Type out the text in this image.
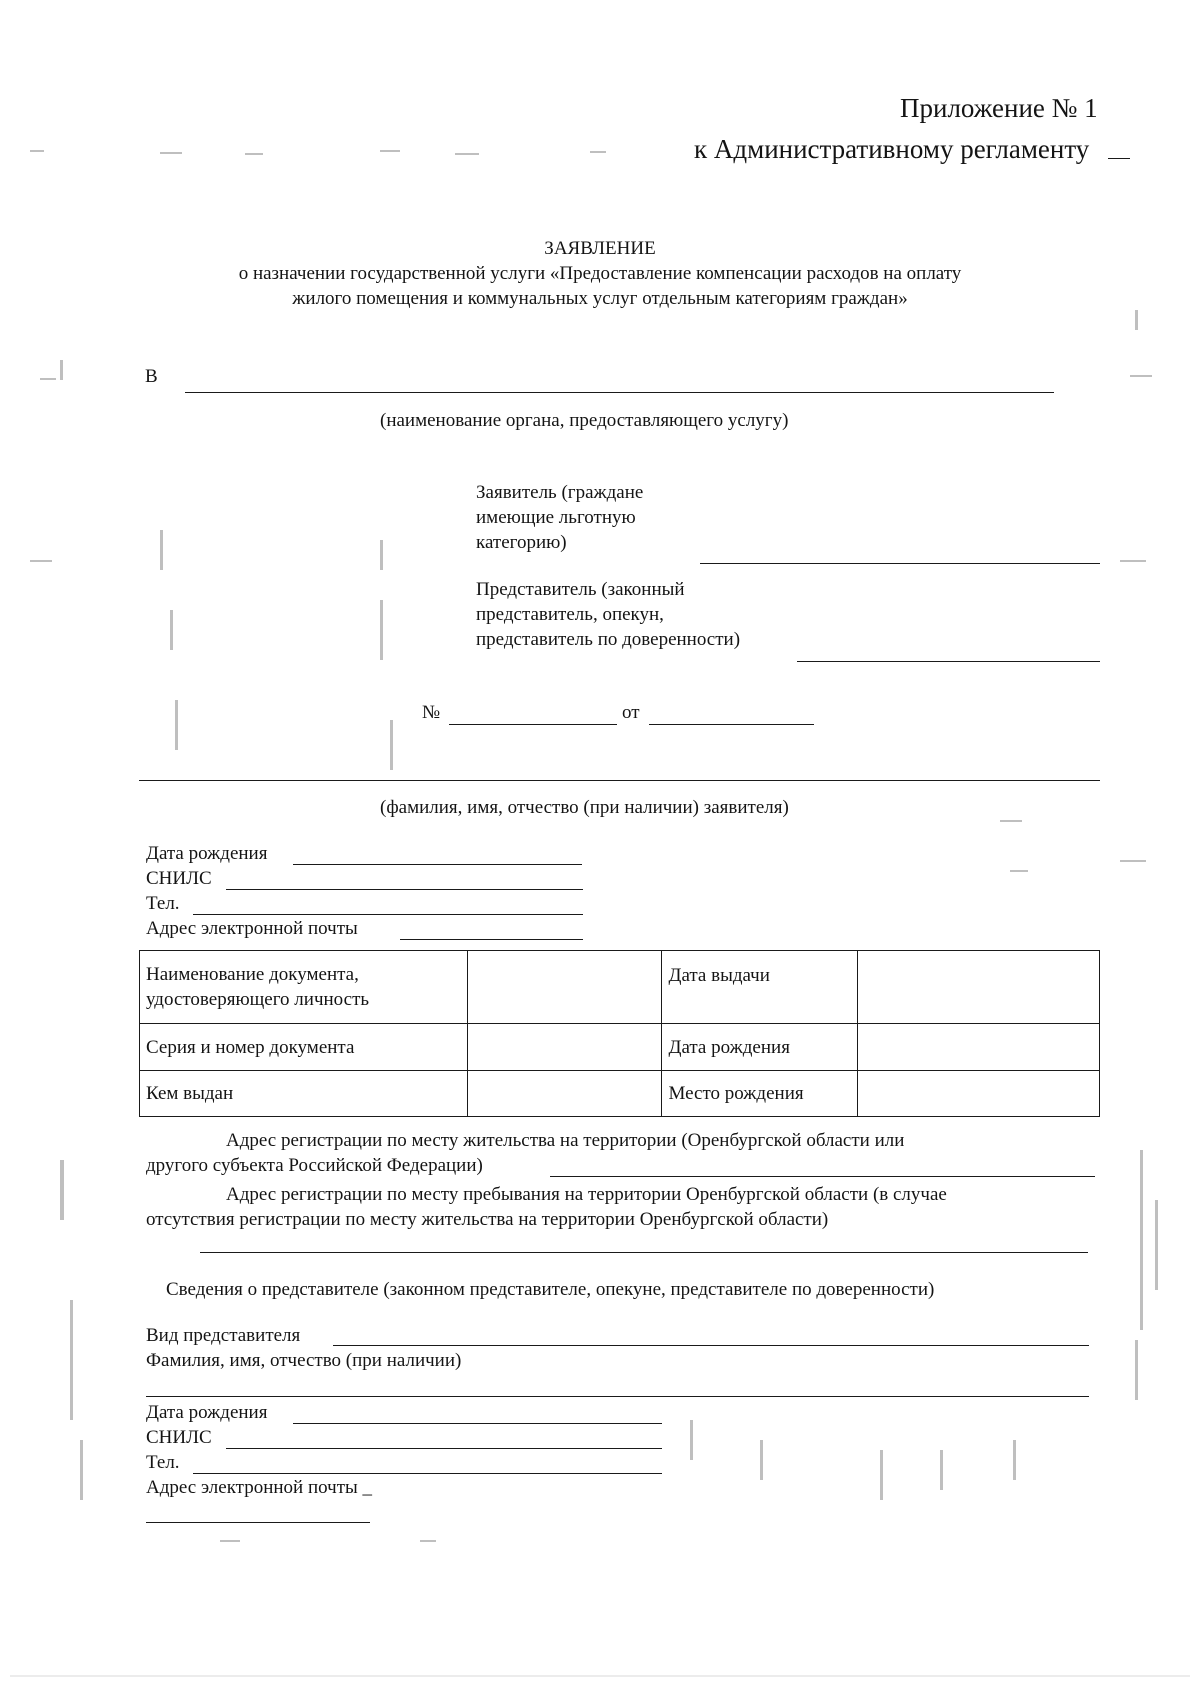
Приложение № 1
к Административному регламенту
ЗАЯВЛЕНИЕ
о назначении государственной услуги «Предоставление компенсации расходов на оплату
жилого помещения и коммунальных услуг отдельным категориям граждан»
В
(наименование органа, предоставляющего услугу)
Заявитель (граждане
имеющие льготную
категорию)
Представитель (законный
представитель, опекун,
представитель по доверенности)
№	от
(фамилия, имя, отчество (при наличии) заявителя)
Дата рождения
СНИЛС
Тел.
Адрес электронной почты
Наименование документа,
удостоверяющего личность		Дата выдачи	
Серия и номер документа		Дата рождения	
Кем выдан		Место рождения	
Адрес регистрации по месту жительства на территории (Оренбургской области или
другого субъекта Российской Федерации)
Адрес регистрации по месту пребывания на территории Оренбургской области (в случае
отсутствия регистрации по месту жительства на территории Оренбургской области)
Сведения о представителе (законном представителе, опекуне, представителе по доверенности)
Вид представителя
Фамилия, имя, отчество (при наличии)
Дата рождения
СНИЛС
Тел.
Адрес электронной почты _
